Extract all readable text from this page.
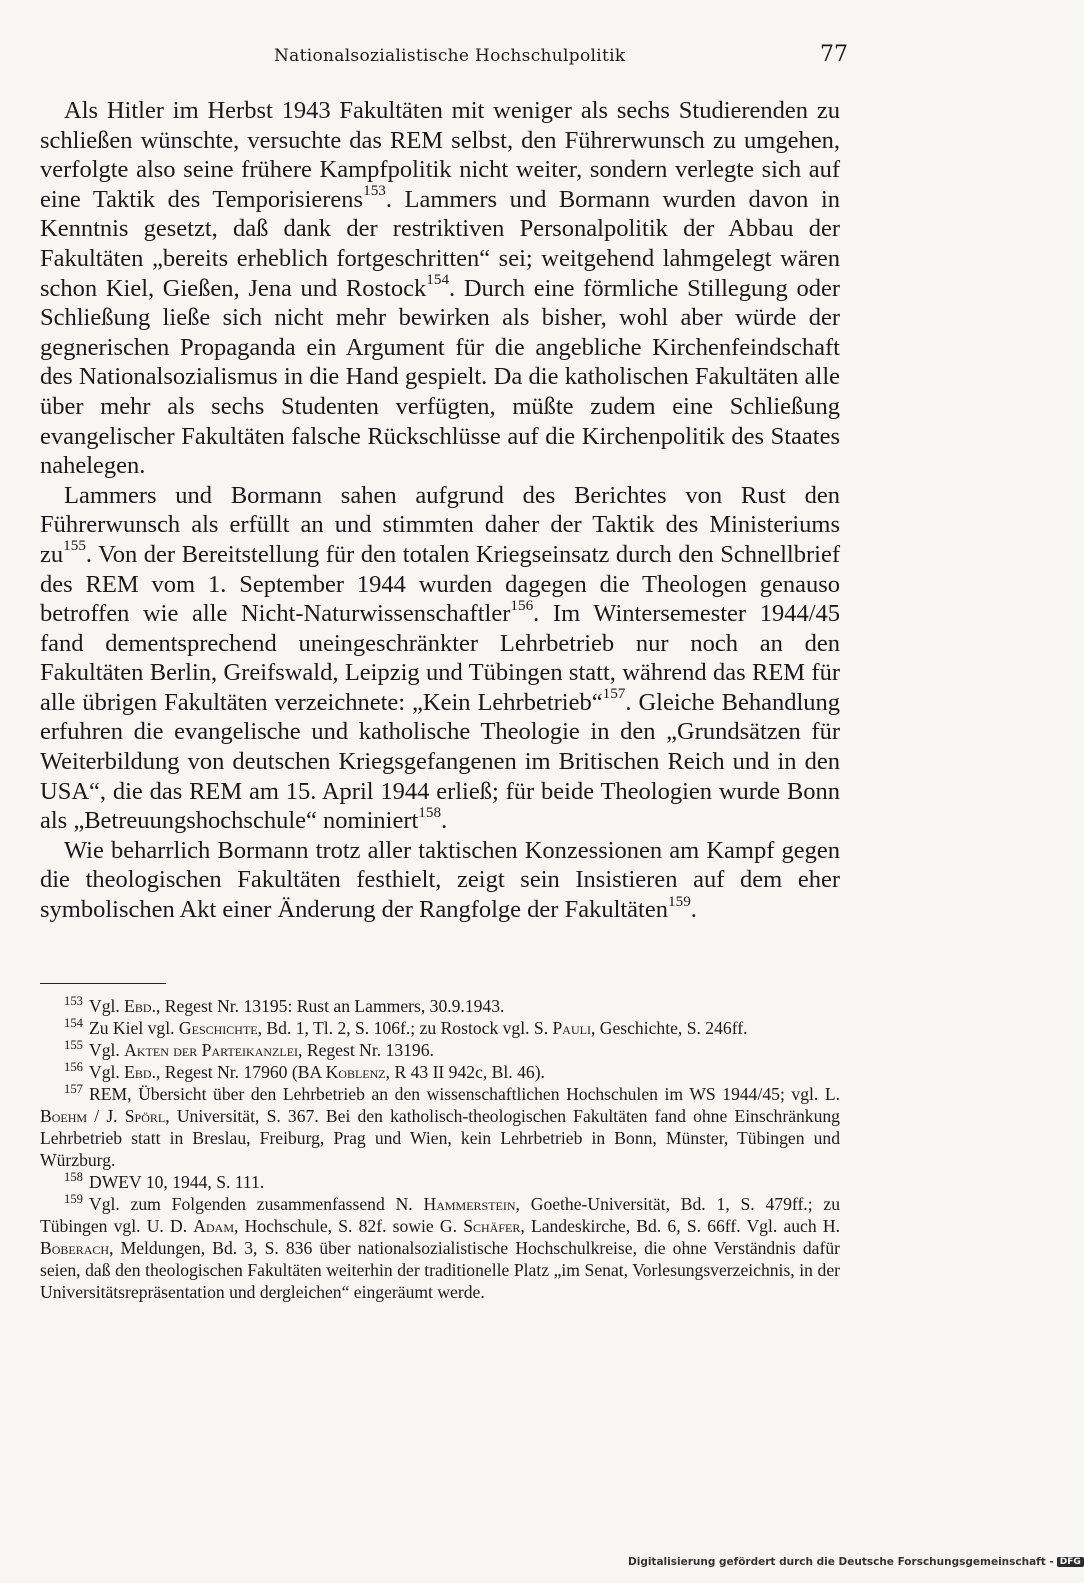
Nationalsozialistische Hochschulpolitik	77

Als Hitler im Herbst 1943 Fakultäten mit weniger als sechs Studierenden zu schließen wünschte, versuchte das REM selbst, den Führerwunsch zu umgehen, verfolgte also seine frühere Kampfpolitik nicht weiter, sondern verlegte sich auf eine Taktik des Temporisierens$^{153}$. Lammers und Bormann wurden davon in Kenntnis gesetzt, daß dank der restriktiven Personalpolitik der Abbau der Fakultäten „bereits erheblich fortgeschritten“ sei; weitgehend lahmgelegt wären schon Kiel, Gießen, Jena und Rostock$^{154}$. Durch eine förmliche Stillegung oder Schließung ließe sich nicht mehr bewirken als bisher, wohl aber würde der gegnerischen Propaganda ein Argument für die angebliche Kirchenfeindschaft des Nationalsozialismus in die Hand gespielt. Da die katholischen Fakultäten alle über mehr als sechs Studenten verfügten, müßte zudem eine Schließung evangelischer Fakultäten falsche Rückschlüsse auf die Kirchenpolitik des Staates nahelegen.

Lammers und Bormann sahen aufgrund des Berichtes von Rust den Führerwunsch als erfüllt an und stimmten daher der Taktik des Ministeriums $zu^{155}$. Von der Bereitstellung für den totalen Kriegseinsatz durch den Schnellbrief des REM vom 1. September 1944 wurden dagegen die Theologen genauso betroffen wie alle Nicht-Naturwissenschaftler$^{156}$. Im Wintersemester 1944/45 fand dementsprechend uneingeschränkter Lehrbetrieb nur noch an den Fakultäten Berlin, Greifswald, Leipzig und Tübingen statt, während das REM für alle übrigen Fakultäten verzeichnete: „Kein Lehrbetrieb“$^{157}$. Gleiche Behandlung erfuhren die evangelische und katholische Theologie in den „Grundsätzen für Weiterbildung von deutschen Kriegsgefangenen im Britischen Reich und in den USA“, die das REM am 15. April 1944 erließ; für beide Theologien wurde Bonn als „Betreuungshochschule“ nominiert$^{158}$.

Wie beharrlich Bormann trotz aller taktischen Konzessionen am Kampf gegen die theologischen Fakultäten festhielt, zeigt sein Insistieren auf dem eher symbolischen Akt einer Änderung der Rangfolge der Fakultäten$^{159}$.

$^{153}$ Vgl. Ebd., Regest Nr. 13195: Rust an Lammers, 30.9.1943.

$^{154}$ Zu Kiel vgl. Geschichte, Bd. 1, Tl. 2, S. 106f.; zu Rostock vgl. S. Pauli, Geschichte, S. 246ff.

$^{155}$ Vgl. Akten der Parteikanzlei, Regest Nr. 13196.

$^{156}$ Vgl. Ebd., Regest Nr. 17960 (BA Koblenz, R 43 II 942c, Bl. 46).

$^{157}$ REM, Übersicht über den Lehrbetrieb an den wissenschaftlichen Hochschulen im WS 1944/45; vgl. L. Boehm / J. Spörl, Universität, S. 367. Bei den katholisch-theologischen Fakultäten fand ohne Einschränkung Lehrbetrieb statt in Breslau, Freiburg, Prag und Wien, kein Lehrbetrieb in Bonn, Münster, Tübingen und Würzburg.

$^{158}$ DWEV 10, 1944, S. 111.

$^{159}$ Vgl. zum Folgenden zusammenfassend N. Hammerstein, Goethe-Universität, Bd. 1, S. 479ff.; zu Tübingen vgl. U. D. Adam, Hochschule, S. 82f. sowie G. Schäfer, Landeskirche, Bd. 6, S. 66ff. Vgl. auch H. Boberach, Meldungen, Bd. 3, S. 836 über nationalsozialistische Hochschulkreise, die ohne Verständnis dafür seien, daß den theologischen Fakultäten weiterhin der traditionelle Platz „im Senat, Vorlesungsverzeichnis, in der Universitätsrepräsentation und dergleichen“ eingeräumt werde.

Digitalisierung gefördert durch die Deutsche Forschungsgemeinschaft - DFG
